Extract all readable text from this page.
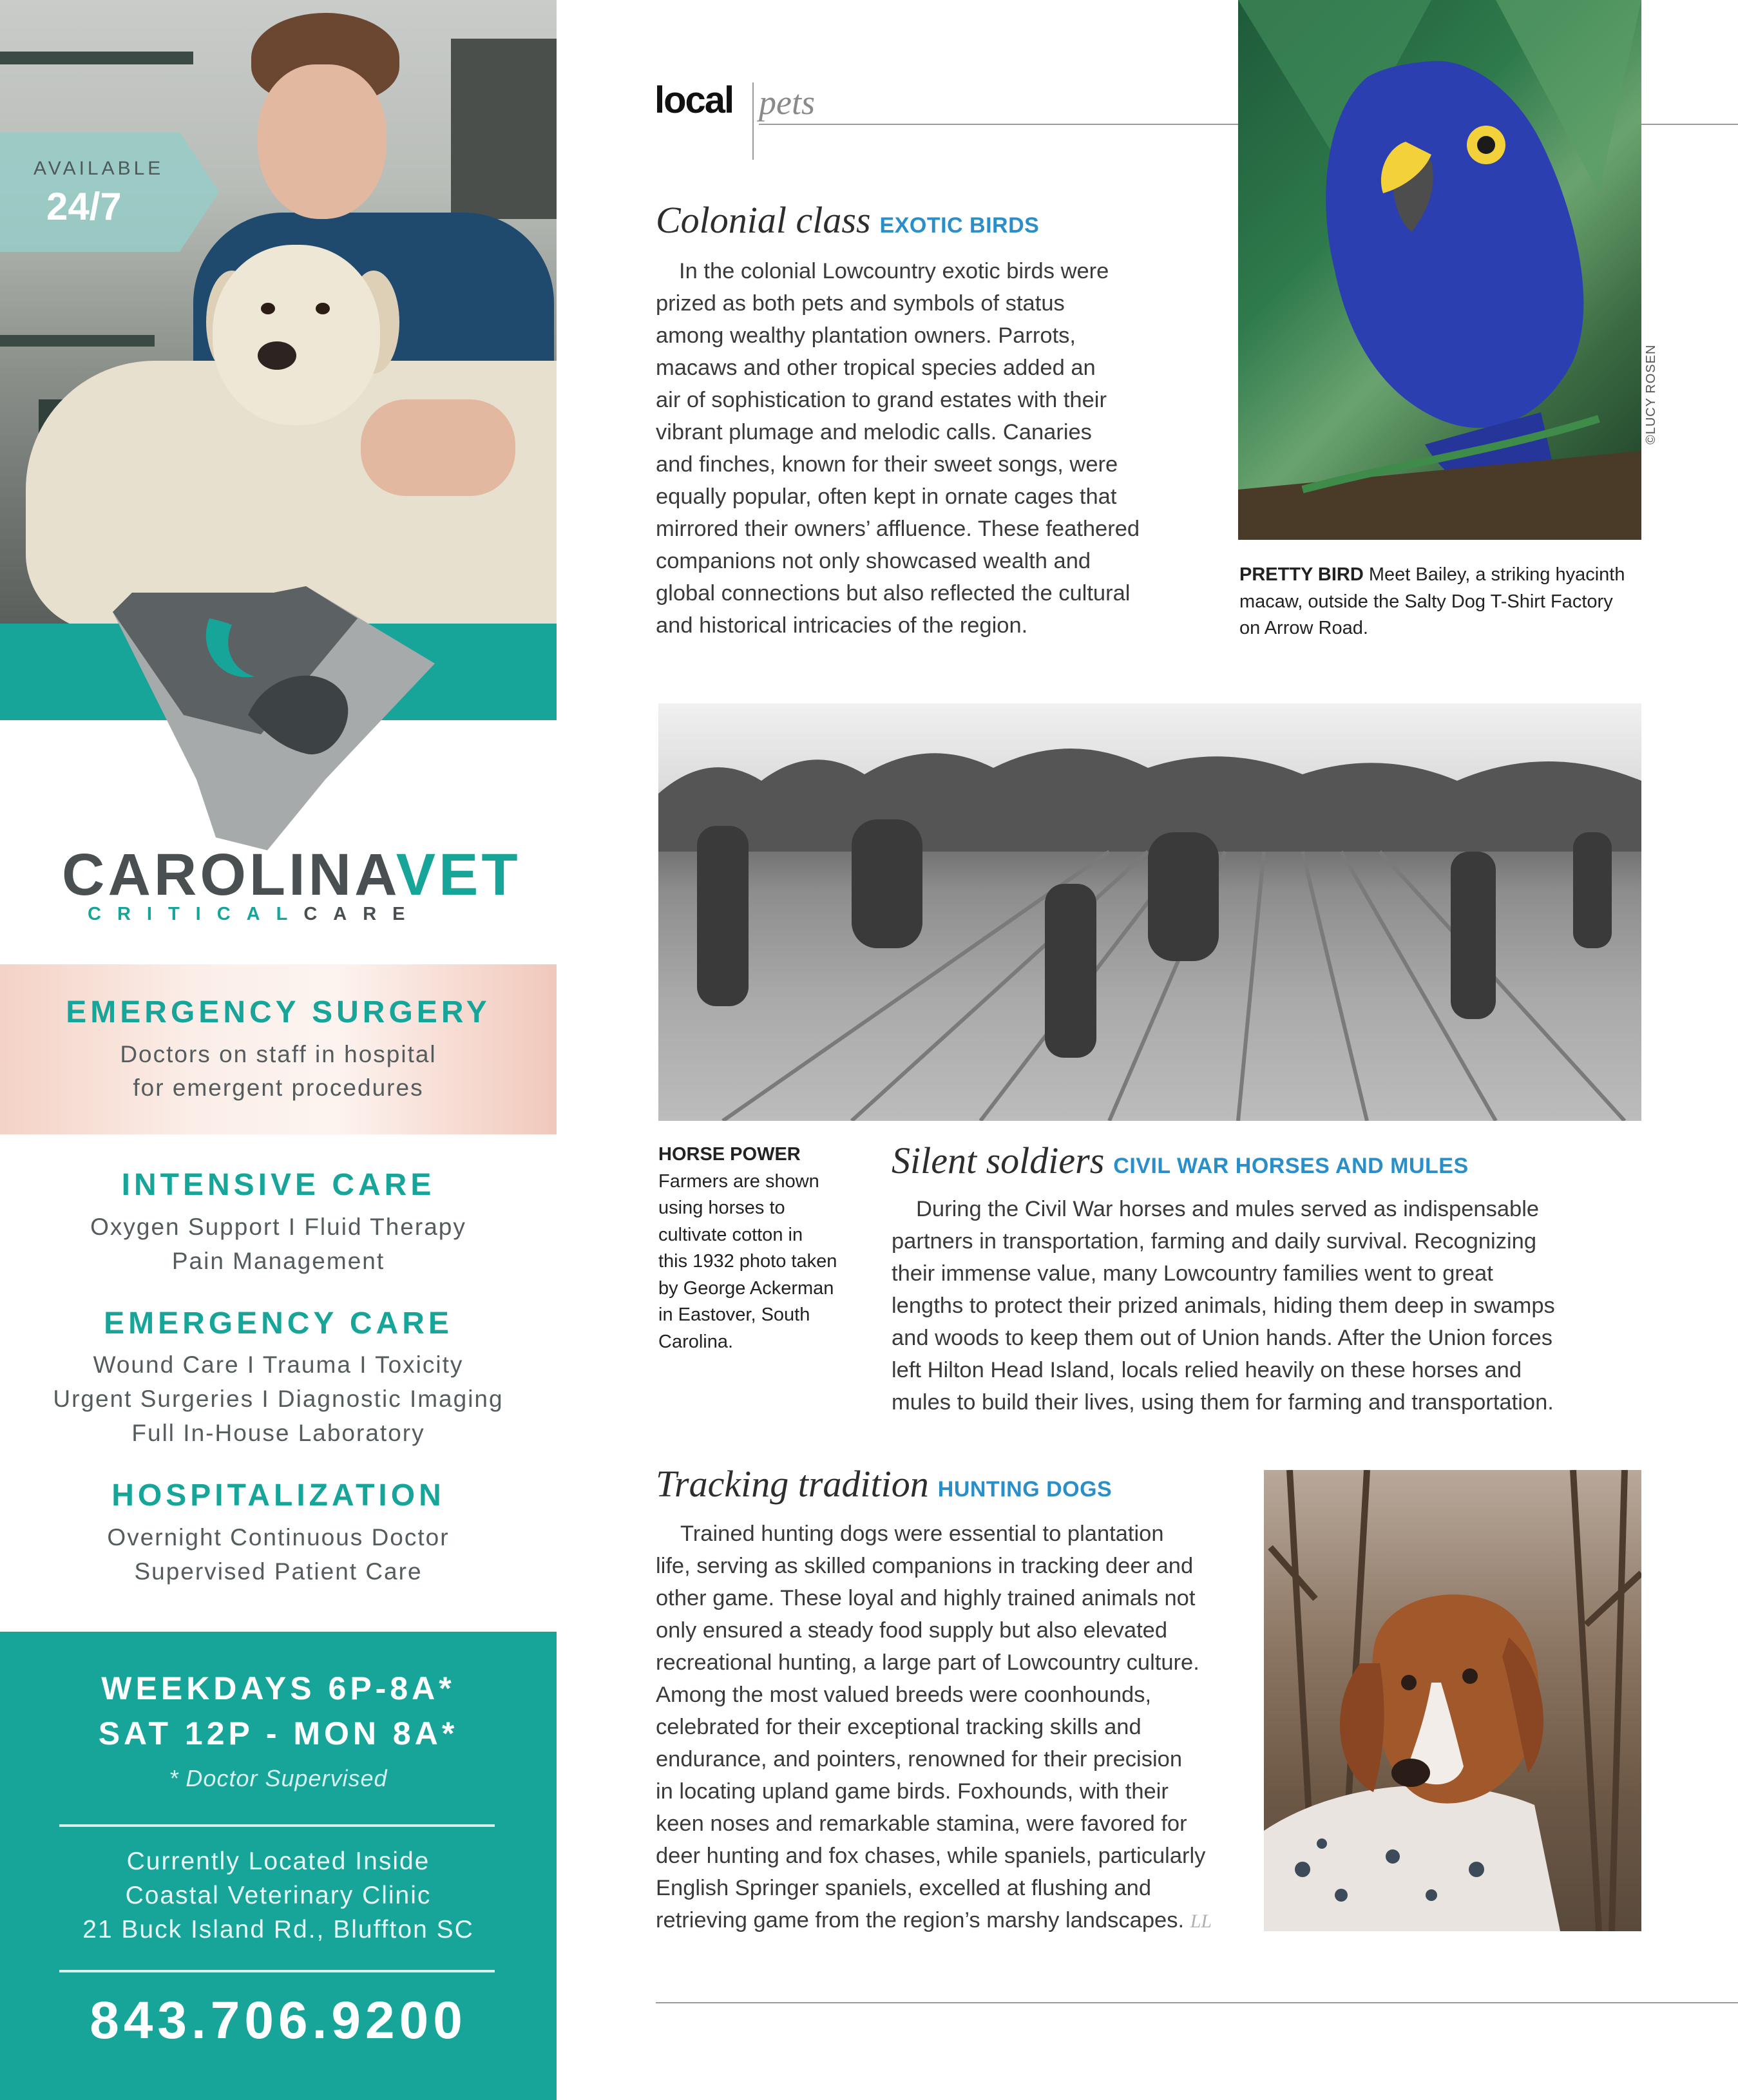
AVAILABLE
24/7
CAROLINAVET
CRITICALCARE
EMERGENCY SURGERY
Doctors on staff in hospital
for emergent procedures
INTENSIVE CARE
Oxygen Support I Fluid Therapy
Pain Management
EMERGENCY CARE
Wound Care I Trauma I Toxicity
Urgent Surgeries I Diagnostic Imaging
Full In-House Laboratory
HOSPITALIZATION
Overnight Continuous Doctor
Supervised Patient Care
WEEKDAYS 6P-8A*
SAT 12P - MON 8A*
* Doctor Supervised
Currently Located Inside
Coastal Veterinary Clinic
21 Buck Island Rd., Bluffton SC
843.706.9200
local pets
Colonial class EXOTIC BIRDS
In the colonial Lowcountry exotic birds were
prized as both pets and symbols of status
among wealthy plantation owners. Parrots,
macaws and other tropical species added an
air of sophistication to grand estates with their
vibrant plumage and melodic calls. Canaries
and finches, known for their sweet songs, were
equally popular, often kept in ornate cages that
mirrored their owners’ affluence. These feathered
companions not only showcased wealth and
global connections but also reflected the cultural
and historical intricacies of the region.
©LUCY ROSEN
PRETTY BIRD Meet Bailey, a striking hyacinth
macaw, outside the Salty Dog T-Shirt Factory
on Arrow Road.
HORSE POWER
Farmers are shown
using horses to
cultivate cotton in
this 1932 photo taken
by George Ackerman
in Eastover, South
Carolina.
Silent soldiers CIVIL WAR HORSES AND MULES
During the Civil War horses and mules served as indispensable
partners in transportation, farming and daily survival. Recognizing
their immense value, many Lowcountry families went to great
lengths to protect their prized animals, hiding them deep in swamps
and woods to keep them out of Union hands. After the Union forces
left Hilton Head Island, locals relied heavily on these horses and
mules to build their lives, using them for farming and transportation.
Tracking tradition HUNTING DOGS
Trained hunting dogs were essential to plantation
life, serving as skilled companions in tracking deer and
other game. These loyal and highly trained animals not
only ensured a steady food supply but also elevated
recreational hunting, a large part of Lowcountry culture.
Among the most valued breeds were coonhounds,
celebrated for their exceptional tracking skills and
endurance, and pointers, renowned for their precision
in locating upland game birds. Foxhounds, with their
keen noses and remarkable stamina, were favored for
deer hunting and fox chases, while spaniels, particularly
English Springer spaniels, excelled at flushing and
retrieving game from the region’s marshy landscapes. LL
